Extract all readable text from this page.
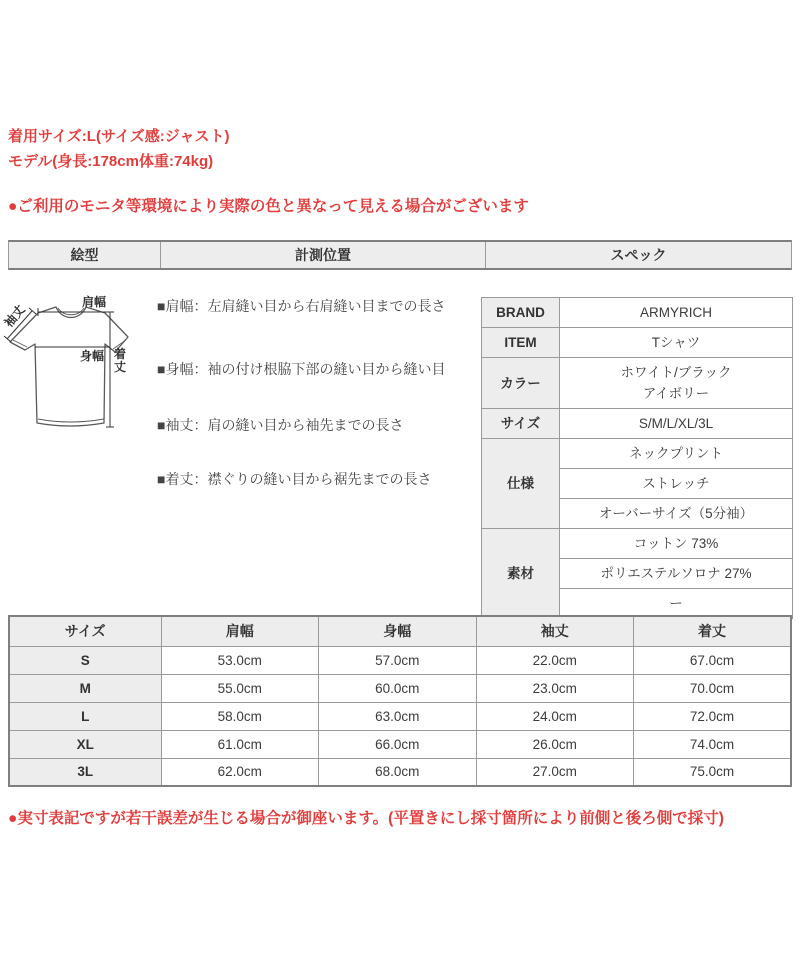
着用サイズ:L(サイズ感:ジャスト)
モデル(身長:178cm体重:74kg)
●ご利用のモニタ等環境により実際の色と異なって見える場合がございます
絵型	計測位置	スペック
肩幅
袖丈
身幅 着
丈
■肩幅：左肩縫い目から右肩縫い目までの長さ
■身幅：袖の付け根脇下部の縫い目から縫い目
■袖丈：肩の縫い目から袖先までの長さ
■着丈：襟ぐりの縫い目から裾先までの長さ
BRAND	ARMYRICH
ITEM	Tシャツ
カラー	ホワイト/ブラック
アイボリー
サイズ	S/M/L/XL/3L
仕様	ネックプリント
	ストレッチ
	オーバーサイズ（5分袖）
素材	コットン 73%
	ポリエステルソロナ 27%
	ー
サイズ	肩幅	身幅	袖丈	着丈
S	53.0cm	57.0cm	22.0cm	67.0cm
M	55.0cm	60.0cm	23.0cm	70.0cm
L	58.0cm	63.0cm	24.0cm	72.0cm
XL	61.0cm	66.0cm	26.0cm	74.0cm
3L	62.0cm	68.0cm	27.0cm	75.0cm
●実寸表記ですが若干誤差が生じる場合が御座います。(平置きにし採寸箇所により前側と後ろ側で採寸)
